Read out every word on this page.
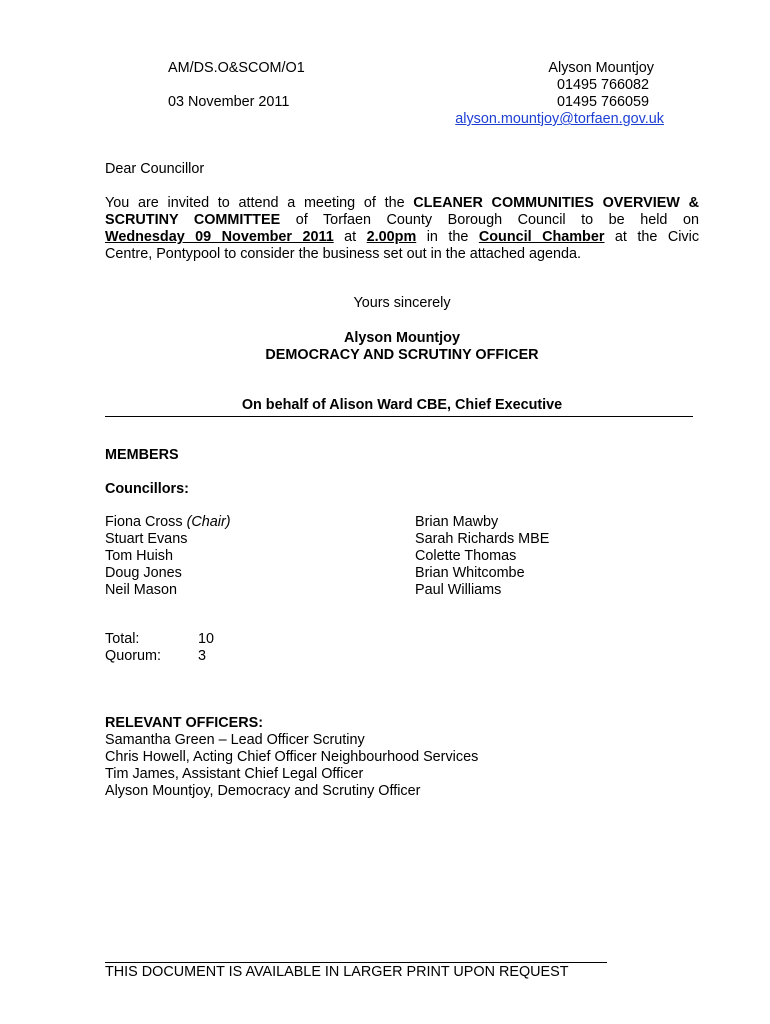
AM/DS.O&SCOM/O1
03 November 2011
Alyson Mountjoy
01495 766082
01495 766059
alyson.mountjoy@torfaen.gov.uk
Dear Councillor
You are invited to attend a meeting of the CLEANER COMMUNITIES OVERVIEW &
SCRUTINY COMMITTEE of Torfaen County Borough Council to be held on
Wednesday 09 November 2011 at 2.00pm in the Council Chamber at the Civic
Centre, Pontypool to consider the business set out in the attached agenda.
Yours sincerely
Alyson Mountjoy
DEMOCRACY AND SCRUTINY OFFICER
On behalf of Alison Ward CBE, Chief Executive
MEMBERS
Councillors:
Fiona Cross (Chair)
Stuart Evans
Tom Huish
Doug Jones
Neil Mason
Brian Mawby
Sarah Richards MBE
Colette Thomas
Brian Whitcombe
Paul Williams
Total:	10
Quorum:	3
RELEVANT OFFICERS:
Samantha Green – Lead Officer Scrutiny
Chris Howell, Acting Chief Officer Neighbourhood Services
Tim James, Assistant Chief Legal Officer
Alyson Mountjoy, Democracy and Scrutiny Officer
THIS DOCUMENT IS AVAILABLE IN LARGER PRINT UPON REQUEST
